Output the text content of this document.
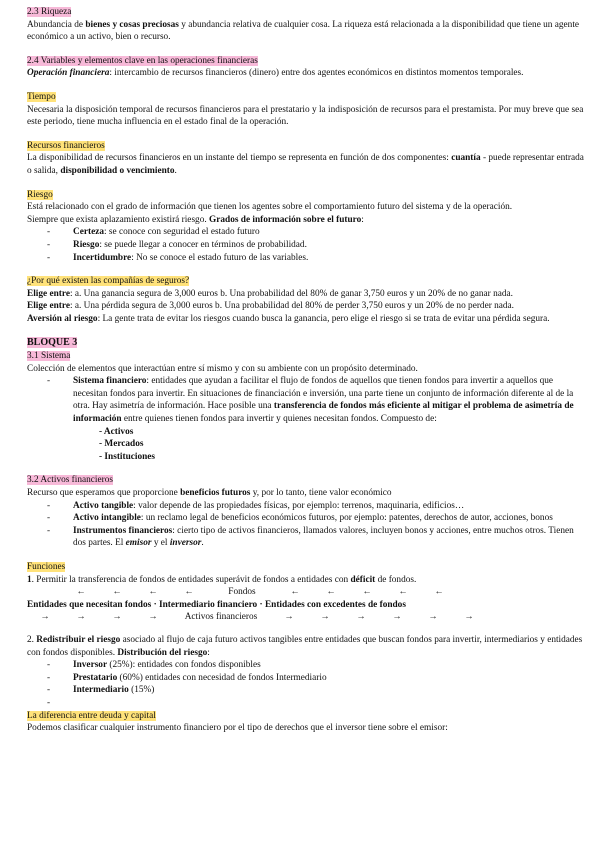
2.3 Riqueza

Abundancia de bienes y cosas preciosas y abundancia relativa de cualquier cosa. La riqueza está relacionada a la disponibilidad que tiene un agente económico a un activo, bien o recurso.

2.4 Variables y elementos clave en las operaciones financieras

Operación financiera: intercambio de recursos financieros (dinero) entre dos agentes económicos en distintos momentos temporales.

Tiempo

Necesaria la disposición temporal de recursos financieros para el prestatario y la indisposición de recursos para el prestamista. Por muy breve que sea este periodo, tiene mucha influencia en el estado final de la operación.

Recursos financieros

La disponibilidad de recursos financieros en un instante del tiempo se representa en función de dos componentes: cuantía - puede representar entrada o salida, disponibilidad o vencimiento.

Riesgo

Está relacionado con el grado de información que tienen los agentes sobre el comportamiento futuro del sistema y de la operación.

Siempre que exista aplazamiento existirá riesgo. Grados de información sobre el futuro:

- Certeza: se conoce con seguridad el estado futuro
- Riesgo: se puede llegar a conocer en términos de probabilidad.
- Incertidumbre: No se conoce el estado futuro de las variables.

¿Por qué existen las compañías de seguros?

Elige entre: a. Una ganancia segura de 3,000 euros b. Una probabilidad del 80% de ganar 3,750 euros y un 20% de no ganar nada.

Elige entre: a. Una pérdida segura de 3,000 euros b. Una probabilidad del 80% de perder 3,750 euros y un 20% de no perder nada.

Aversión al riesgo: La gente trata de evitar los riesgos cuando busca la ganancia, pero elige el riesgo si se trata de evitar una pérdida segura.

BLOQUE 3

3.1 Sistema

Colección de elementos que interactúan entre sí mismo y con su ambiente con un propósito determinado.

- Sistema financiero: entidades que ayudan a facilitar el flujo de fondos de aquellos que tienen fondos para invertir a aquellos que necesitan fondos para invertir. En situaciones de financiación e inversión, una parte tiene un conjunto de información diferente al de la otra. Hay asimetría de información. Hace posible una transferencia de fondos más eficiente al mitigar el problema de asimetría de información entre quienes tienen fondos para invertir y quienes necesitan fondos. Compuesto de:
- Activos
- Mercados
- Instituciones

3.2 Activos financieros

Recurso que esperamos que proporcione beneficios futuros y, por lo tanto, tiene valor económico

- Activo tangible: valor depende de las propiedades físicas, por ejemplo: terrenos, maquinaria, edificios…
- Activo intangible: un reclamo legal de beneficios económicos futuros, por ejemplo: patentes, derechos de autor, acciones, bonos
- Instrumentos financieros: cierto tipo de activos financieros, llamados valores, incluyen bonos y acciones, entre muchos otros. Tienen dos partes. El emisor y el inversor.

Funciones

1. Permitir la transferencia de fondos de entidades superávit de fondos a entidades con déficit de fondos.

←	←	←	←	Fondos	←	←	←	←	←

Entidades que necesitan fondos · Intermediario financiero · Entidades con excedentes de fondos

→	→	→	→	Activos financieros	→	→	→	→	→	→

2. Redistribuir el riesgo asociado al flujo de caja futuro activos tangibles entre entidades que buscan fondos para invertir, intermediarios y entidades con fondos disponibles. Distribución del riesgo:

- Inversor (25%): entidades con fondos disponibles
- Prestatario (60%) entidades con necesidad de fondos Intermediario
- Intermediario (15%)
-

La diferencia entre deuda y capital

Podemos clasificar cualquier instrumento financiero por el tipo de derechos que el inversor tiene sobre el emisor:
